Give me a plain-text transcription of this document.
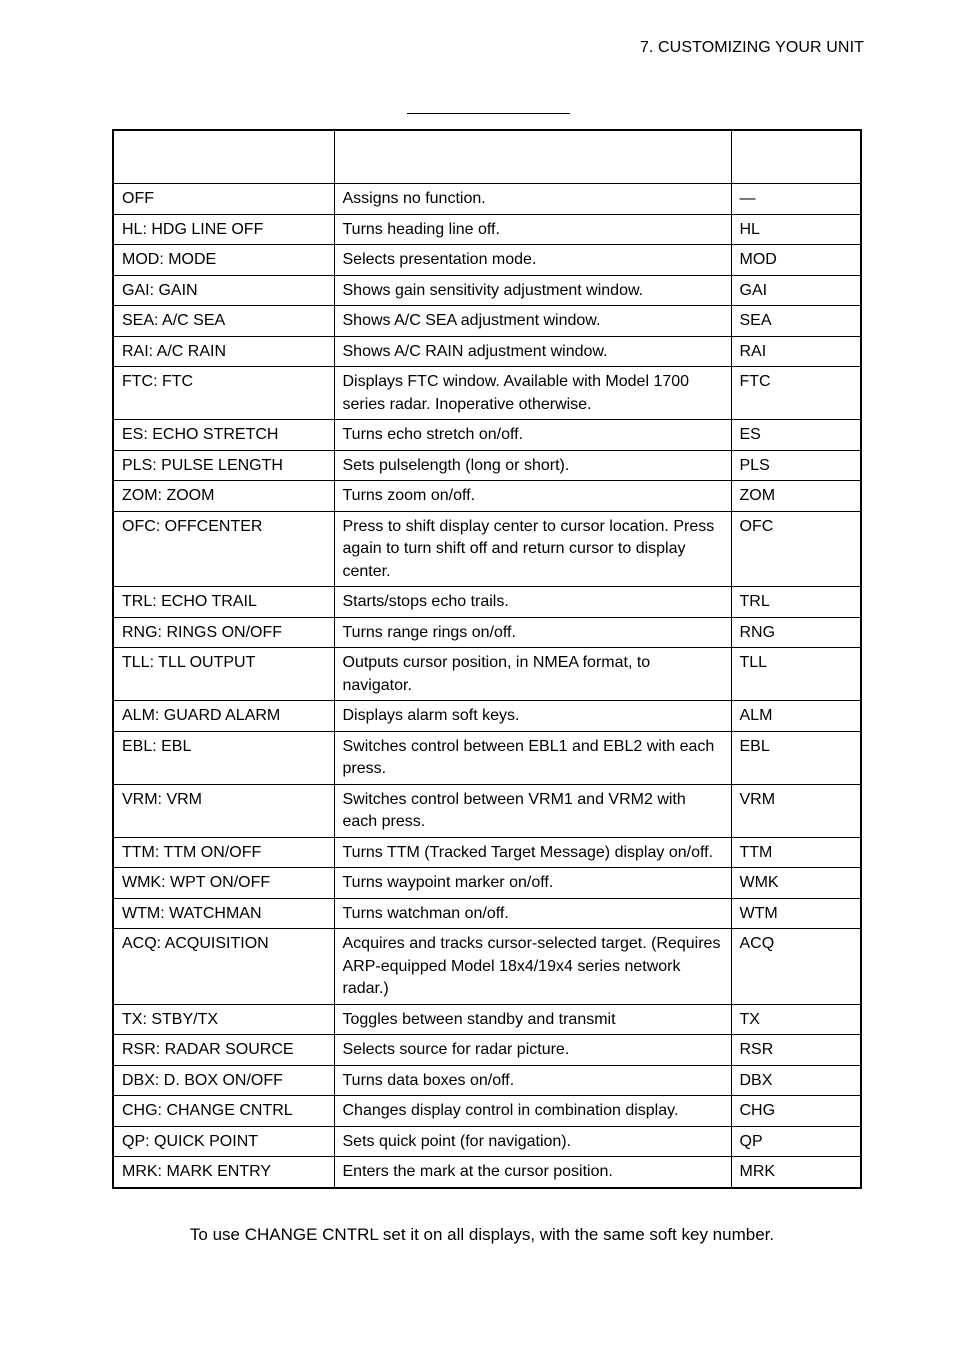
7. CUSTOMIZING YOUR UNIT

OFF	Assigns no function.	—
HL: HDG LINE OFF	Turns heading line off.	HL
MOD: MODE	Selects presentation mode.	MOD
GAI: GAIN	Shows gain sensitivity adjustment window.	GAI
SEA: A/C SEA	Shows A/C SEA adjustment window.	SEA
RAI: A/C RAIN	Shows A/C RAIN adjustment window.	RAI
FTC: FTC	Displays FTC window. Available with Model 1700 series radar. Inoperative otherwise.	FTC
ES: ECHO STRETCH	Turns echo stretch on/off.	ES
PLS: PULSE LENGTH	Sets pulselength (long or short).	PLS
ZOM: ZOOM	Turns zoom on/off.	ZOM
OFC: OFFCENTER	Press to shift display center to cursor location. Press again to turn shift off and return cursor to display center.	OFC
TRL: ECHO TRAIL	Starts/stops echo trails.	TRL
RNG: RINGS ON/OFF	Turns range rings on/off.	RNG
TLL: TLL OUTPUT	Outputs cursor position, in NMEA format, to navigator.	TLL
ALM: GUARD ALARM	Displays alarm soft keys.	ALM
EBL: EBL	Switches control between EBL1 and EBL2 with each press.	EBL
VRM: VRM	Switches control between VRM1 and VRM2 with each press.	VRM
TTM: TTM ON/OFF	Turns TTM (Tracked Target Message) display on/off.	TTM
WMK: WPT ON/OFF	Turns waypoint marker on/off.	WMK
WTM: WATCHMAN	Turns watchman on/off.	WTM
ACQ: ACQUISITION	Acquires and tracks cursor-selected target. (Requires ARP-equipped Model 18x4/19x4 series network radar.)	ACQ
TX: STBY/TX	Toggles between standby and transmit	TX
RSR: RADAR SOURCE	Selects source for radar picture.	RSR
DBX: D. BOX ON/OFF	Turns data boxes on/off.	DBX
CHG: CHANGE CNTRL	Changes display control in combination display.	CHG
QP: QUICK POINT	Sets quick point (for navigation).	QP
MRK: MARK ENTRY	Enters the mark at the cursor position.	MRK
To use CHANGE CNTRL set it on all displays, with the same soft key number.
